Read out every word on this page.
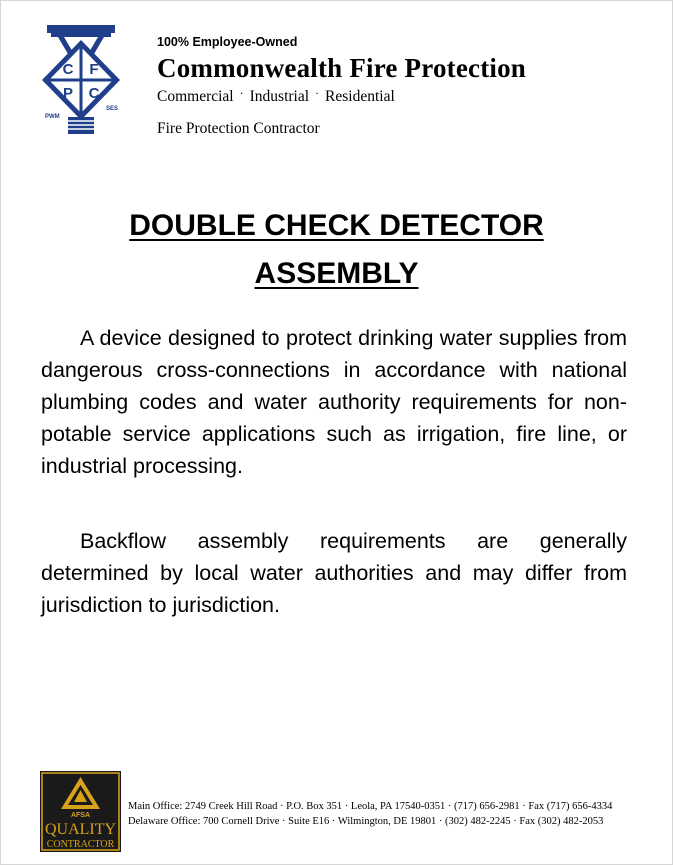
C F
P C
PWM
SES
100% Employee-Owned
Commonwealth Fire Protection
Commercial · Industrial · Residential
Fire Protection Contractor
DOUBLE CHECK DETECTOR
ASSEMBLY
A device designed to protect drinking water supplies from dangerous cross-connections in accordance with national plumbing codes and water authority requirements for non-potable service applications such as irrigation, fire line, or industrial processing.
Backflow assembly requirements are generally determined by local water authorities and may differ from jurisdiction to jurisdiction.
AFSA
QUALITY
CONTRACTOR
Main Office: 2749 Creek Hill Road · P.O. Box 351 · Leola, PA 17540-0351 · (717) 656-2981 · Fax (717) 656-4334
Delaware Office: 700 Cornell Drive · Suite E16 · Wilmington, DE 19801 · (302) 482-2245 · Fax (302) 482-2053
